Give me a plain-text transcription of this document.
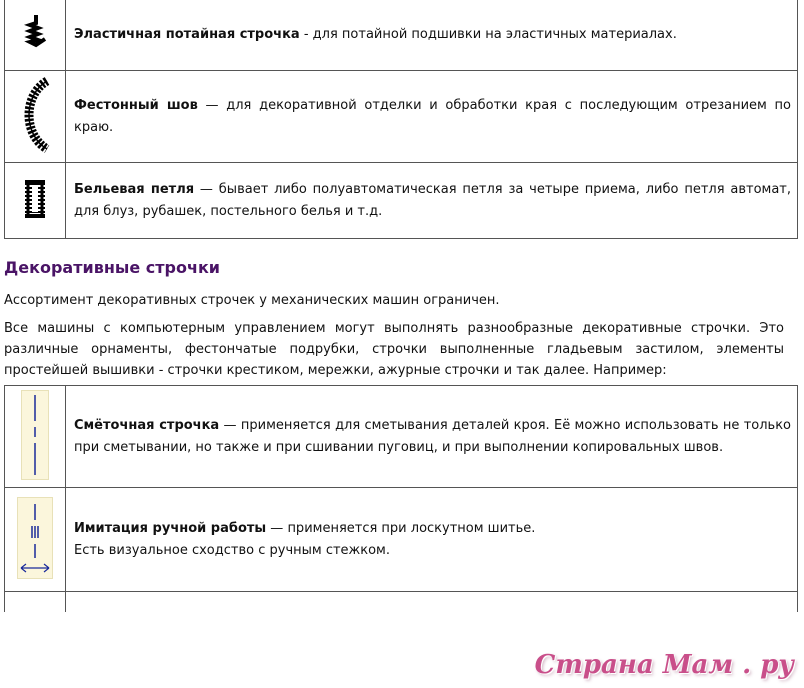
	Эластичная потайная строчка - для потайной подшивки на эластичных материалах.
	Фестонный шов — для декоративной отделки и обработки края с последующим отрезанием по краю.
	Бельевая петля — бывает либо полуавтоматическая петля за четыре приема, либо петля автомат, для блуз, рубашек, постельного белья и т.д.
Декоративные строчки

Ассортимент декоративных строчек у механических машин ограничен.

Все машины с компьютерным управлением могут выполнять разнообразные декоративные строчки. Это различные орнаменты, фестончатые подрубки, строчки выполненные гладьевым застилом, элементы простейшей вышивки - строчки крестиком, мережки, ажурные строчки и так далее. Например:

	Смёточная строчка — применяется для сметывания деталей кроя. Её можно использовать не только при сметывании, но также и при сшивании пуговиц, и при выполнении копировальных швов.
	Имитация ручной работы — применяется при лоскутном шитье.
Есть визуальное сходство с ручным стежком.

Страна Мам . ру
